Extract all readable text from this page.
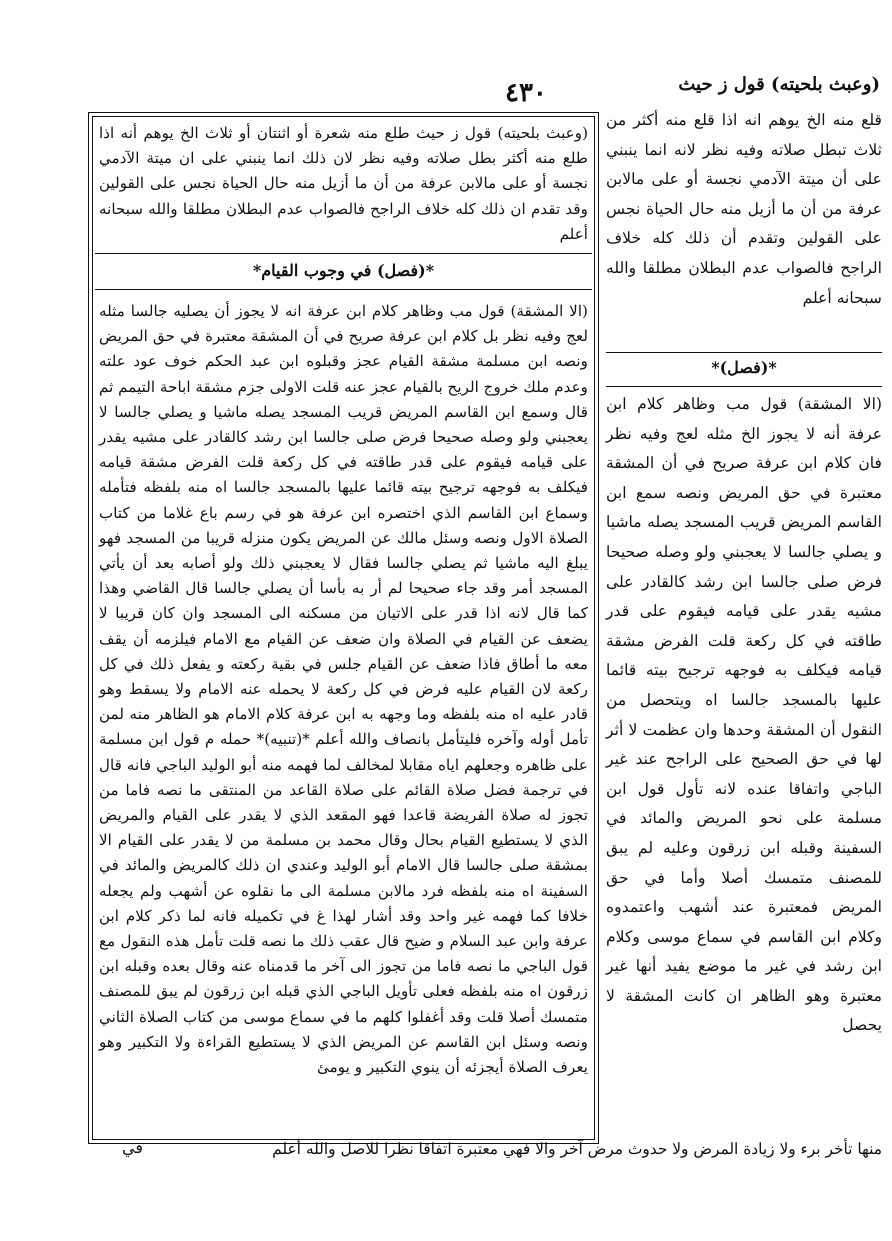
(وعبث بلحيته) قول ز حيث
٤٣٠
(وعبث بلحيته) قول ز حيث طلع منه شعرة أو اثنتان أو ثلاث الخ يوهم أنه اذا طلع منه أكثر بطل صلاته وفيه نظر لان ذلك انما ينبني على ان ميتة الآدمي نجسة أو على مالابن عرفة من أن ما أزيل منه حال الحياة نجس على القولين وقد تقدم ان ذلك كله خلاف الراجح فالصواب عدم البطلان مطلقا والله سبحانه أعلم
*(فصل) في وجوب القيام*
(الا المشقة) قول مب وظاهر كلام ابن عرفة انه لا يجوز أن يصليه جالسا مثله لعج وفيه نظر بل كلام ابن عرفة صريح في أن المشقة معتبرة في حق المريض ونصه ابن مسلمة مشقة القيام عجز وقبلوه ابن عبد الحكم خوف عود علته وعدم ملك خروج الريح بالقيام عجز عنه قلت الاولى جزم مشقة اباحة التيمم ثم قال وسمع ابن القاسم المريض قريب المسجد يصله ماشيا و يصلي جالسا لا يعجبني ولو وصله صحيحا فرض صلى جالسا ابن رشد كالقادر على مشيه يقدر على قيامه فيقوم على قدر طاقته في كل ركعة قلت الفرض مشقة قيامه فيكلف به فوجهه ترجيح بيته قائما عليها بالمسجد جالسا اه منه بلفظه فتأمله وسماع ابن القاسم الذي اختصره ابن عرفة هو في رسم باع غلاما من كتاب الصلاة الاول ونصه وسئل مالك عن المريض يكون منزله قريبا من المسجد فهو يبلغ اليه ماشيا ثم يصلي جالسا فقال لا يعجبني ذلك ولو أصابه بعد أن يأتي المسجد أمر وقد جاء صحيحا لم أر به بأسا أن يصلي جالسا قال القاضي وهذا كما قال لانه اذا قدر على الاتيان من مسكنه الى المسجد وان كان قريبا لا يضعف عن القيام في الصلاة وان ضعف عن القيام مع الامام فيلزمه أن يقف معه ما أطاق فاذا ضعف عن القيام جلس في بقية ركعته و يفعل ذلك في كل ركعة لان القيام عليه فرض في كل ركعة لا يحمله عنه الامام ولا يسقط وهو قادر عليه اه منه بلفظه وما وجهه به ابن عرفة كلام الامام هو الظاهر منه لمن تأمل أوله وآخره فليتأمل بانصاف والله أعلم *(تنبيه)* حمله م قول ابن مسلمة على ظاهره وجعلهم اياه مقابلا لمخالف لما فهمه منه أبو الوليد الباجي فانه قال في ترجمة فضل صلاة القائم على صلاة القاعد من المنتقى ما نصه فاما من تجوز له صلاة الفريضة قاعدا فهو المقعد الذي لا يقدر على القيام والمريض الذي لا يستطيع القيام بحال وقال محمد بن مسلمة من لا يقدر على القيام الا بمشقة صلى جالسا قال الامام أبو الوليد وعندي ان ذلك كالمريض والمائد في السفينة اه منه بلفظه فرد مالابن مسلمة الى ما نقلوه عن أشهب ولم يجعله خلافا كما فهمه غير واحد وقد أشار لهذا غ في تكميله فانه لما ذكر كلام ابن عرفة وابن عبد السلام و ضيح قال عقب ذلك ما نصه قلت تأمل هذه النقول مع قول الباجي ما نصه فاما من تجوز الى آخر ما قدمناه عنه وقال بعده وقبله ابن زرقون اه منه بلفظه فعلى تأويل الباجي الذي قبله ابن زرقون لم يبق للمصنف متمسك أصلا قلت وقد أغفلوا كلهم ما في سماع موسى من كتاب الصلاة الثاني ونصه وسئل ابن القاسم عن المريض الذي لا يستطيع القراءة ولا التكبير وهو يعرف الصلاة أيجزئه أن ينوي التكبير و يومئ
قلع منه الخ يوهم انه اذا قلع منه أكثر من ثلاث تبطل صلاته وفيه نظر لانه انما ينبني على أن ميتة الآدمي نجسة أو على مالابن عرفة من أن ما أزيل منه حال الحياة نجس على القولين وتقدم أن ذلك كله خلاف الراجح فالصواب عدم البطلان مطلقا والله سبحانه أعلم
*(فصل)*
(الا المشقة) قول مب وظاهر كلام ابن عرفة أنه لا يجوز الخ مثله لعج وفيه نظر فان كلام ابن عرفة صريح في أن المشقة معتبرة في حق المريض ونصه سمع ابن القاسم المريض قريب المسجد يصله ماشيا و يصلي جالسا لا يعجبني ولو وصله صحيحا فرض صلى جالسا ابن رشد كالقادر على مشيه يقدر على قيامه فيقوم على قدر طاقته في كل ركعة قلت الفرض مشقة قيامه فيكلف به فوجهه ترجيح بيته قائما عليها بالمسجد جالسا اه ويتحصل من النقول أن المشقة وحدها وان عظمت لا أثر لها في حق الصحيح على الراجح عند غير الباجي واتفاقا عنده لانه تأول قول ابن مسلمة على نحو المريض والمائد في السفينة وقبله ابن زرقون وعليه لم يبق للمصنف متمسك أصلا وأما في حق المريض فمعتبرة عند أشهب واعتمدوه وكلام ابن القاسم في سماع موسى وكلام ابن رشد في غير ما موضع يفيد أنها غير معتبرة وهو الظاهر ان كانت المشقة لا يحصل
منها تأخر برء ولا زيادة المرض ولا حدوث مرض آخر والا فهي معتبرة اتفاقا نظرا للاصل والله أعلم
في
